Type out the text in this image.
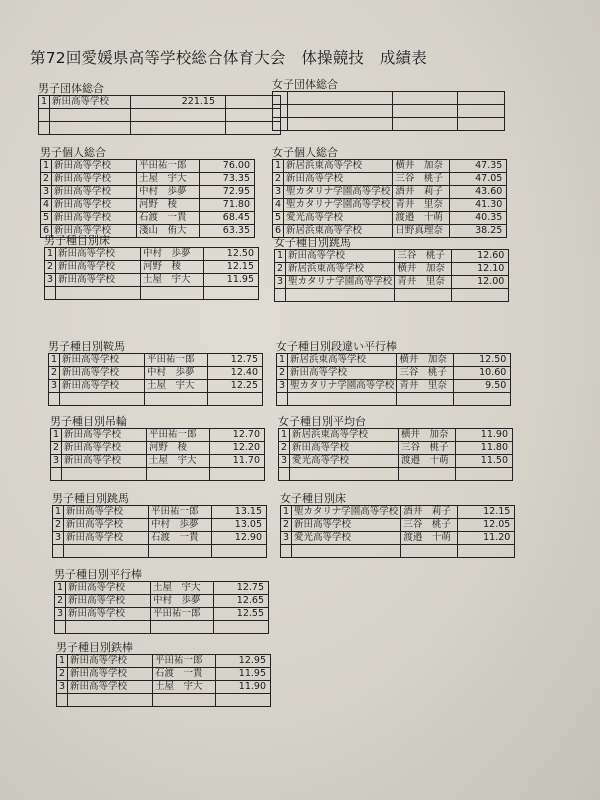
第72回愛媛県高等学校総合体育大会　体操競技　成績表
男子団体総合
1	新田高等学校	221.15	

女子団体総合

男子個人総合
1	新田高等学校	平田祐一郎	76.00
2	新田高等学校	土屋　宇大	73.35
3	新田高等学校	中村　歩夢	72.95
4	新田高等学校	河野　稜	71.80
5	新田高等学校	石渡　一貴	68.45
6	新田高等学校	淺山　侑大	63.35
男子種目別床
1	新田高等学校	中村　歩夢	12.50
2	新田高等学校	河野　稜	12.15
3	新田高等学校	土屋　宇大	11.95

男子種目別鞍馬
1	新田高等学校	平田祐一郎	12.75
2	新田高等学校	中村　歩夢	12.40
3	新田高等学校	土屋　宇大	12.25

男子種目別吊輪
1	新田高等学校	平田祐一郎	12.70
2	新田高等学校	河野　稜	12.20
3	新田高等学校	土屋　宇大	11.70

男子種目別跳馬
1	新田高等学校	平田祐一郎	13.15
2	新田高等学校	中村　歩夢	13.05
3	新田高等学校	石渡　一貴	12.90

男子種目別平行棒
1	新田高等学校	土屋　宇大	12.75
2	新田高等学校	中村　歩夢	12.65
3	新田高等学校	平田祐一郎	12.55

男子種目別鉄棒
1	新田高等学校	平田祐一郎	12.95
2	新田高等学校	石渡　一貴	11.95
3	新田高等学校	土屋　宇大	11.90

女子個人総合
1	新居浜東高等学校	横井　加奈	47.35
2	新田高等学校	三谷　桃子	47.05
3	聖カタリナ学園高等学校	酒井　莉子	43.60
4	聖カタリナ学園高等学校	青井　里奈	41.30
5	愛光高等学校	渡邉　十萌	40.35
6	新居浜東高等学校	日野真理奈	38.25
女子種目別跳馬
1	新田高等学校	三谷　桃子	12.60
2	新居浜東高等学校	横井　加奈	12.10
3	聖カタリナ学園高等学校	青井　里奈	12.00

女子種目別段違い平行棒
1	新居浜東高等学校	横井　加奈	12.50
2	新田高等学校	三谷　桃子	10.60
3	聖カタリナ学園高等学校	青井　里奈	9.50

女子種目別平均台
1	新居浜東高等学校	横井　加奈	11.90
2	新田高等学校	三谷　桃子	11.80
3	愛光高等学校	渡邉　十萌	11.50

女子種目別床
1	聖カタリナ学園高等学校	酒井　莉子	12.15
2	新田高等学校	三谷　桃子	12.05
3	愛光高等学校	渡邉　十萌	11.20
